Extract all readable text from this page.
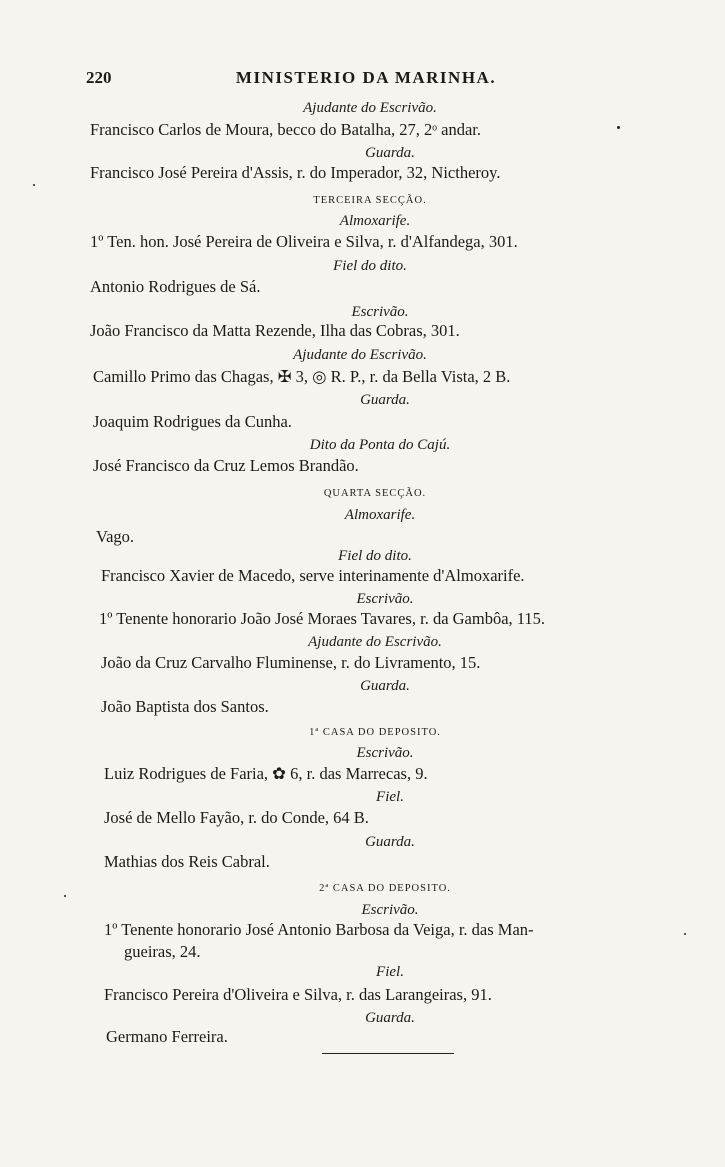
220	MINISTERIO DA MARINHA.
Ajudante do Escrivão.
Francisco Carlos de Moura, becco do Batalha, 27, 2ᵒ andar.
Guarda.
Francisco José Pereira d'Assis, r. do Imperador, 32, Nictheroy.
TERCEIRA SECÇÃO.
Almoxarife.
1º Ten. hon. José Pereira de Oliveira e Silva, r. d'Alfandega, 301.
Fiel do dito.
Antonio Rodrigues de Sá.
Escrivão.
João Francisco da Matta Rezende, Ilha das Cobras, 301.
Ajudante do Escrivão.
Camillo Primo das Chagas, ✠ 3, ◎ R. P., r. da Bella Vista, 2 B.
Guarda.
Joaquim Rodrigues da Cunha.
Dito da Ponta do Cajú.
José Francisco da Cruz Lemos Brandão.
QUARTA SECÇÃO.
Almoxarife.
Vago.
Fiel do dito.
Francisco Xavier de Macedo, serve interinamente d'Almoxarife.
Escrivão.
1º Tenente honorario João José Moraes Tavares, r. da Gambôa, 115.
Ajudante do Escrivão.
João da Cruz Carvalho Fluminense, r. do Livramento, 15.
Guarda.
João Baptista dos Santos.
1ª CASA DO DEPOSITO.
Escrivão.
Luiz Rodrigues de Faria, ✿ 6, r. das Marrecas, 9.
Fiel.
José de Mello Fayão, r. do Conde, 64 B.
Guarda.
Mathias dos Reis Cabral.
2ª CASA DO DEPOSITO.
Escrivão.
1º Tenente honorario José Antonio Barbosa da Veiga, r. das Man-
gueiras, 24.
Fiel.
Francisco Pereira d'Oliveira e Silva, r. das Larangeiras, 91.
Guarda.
Germano Ferreira.
